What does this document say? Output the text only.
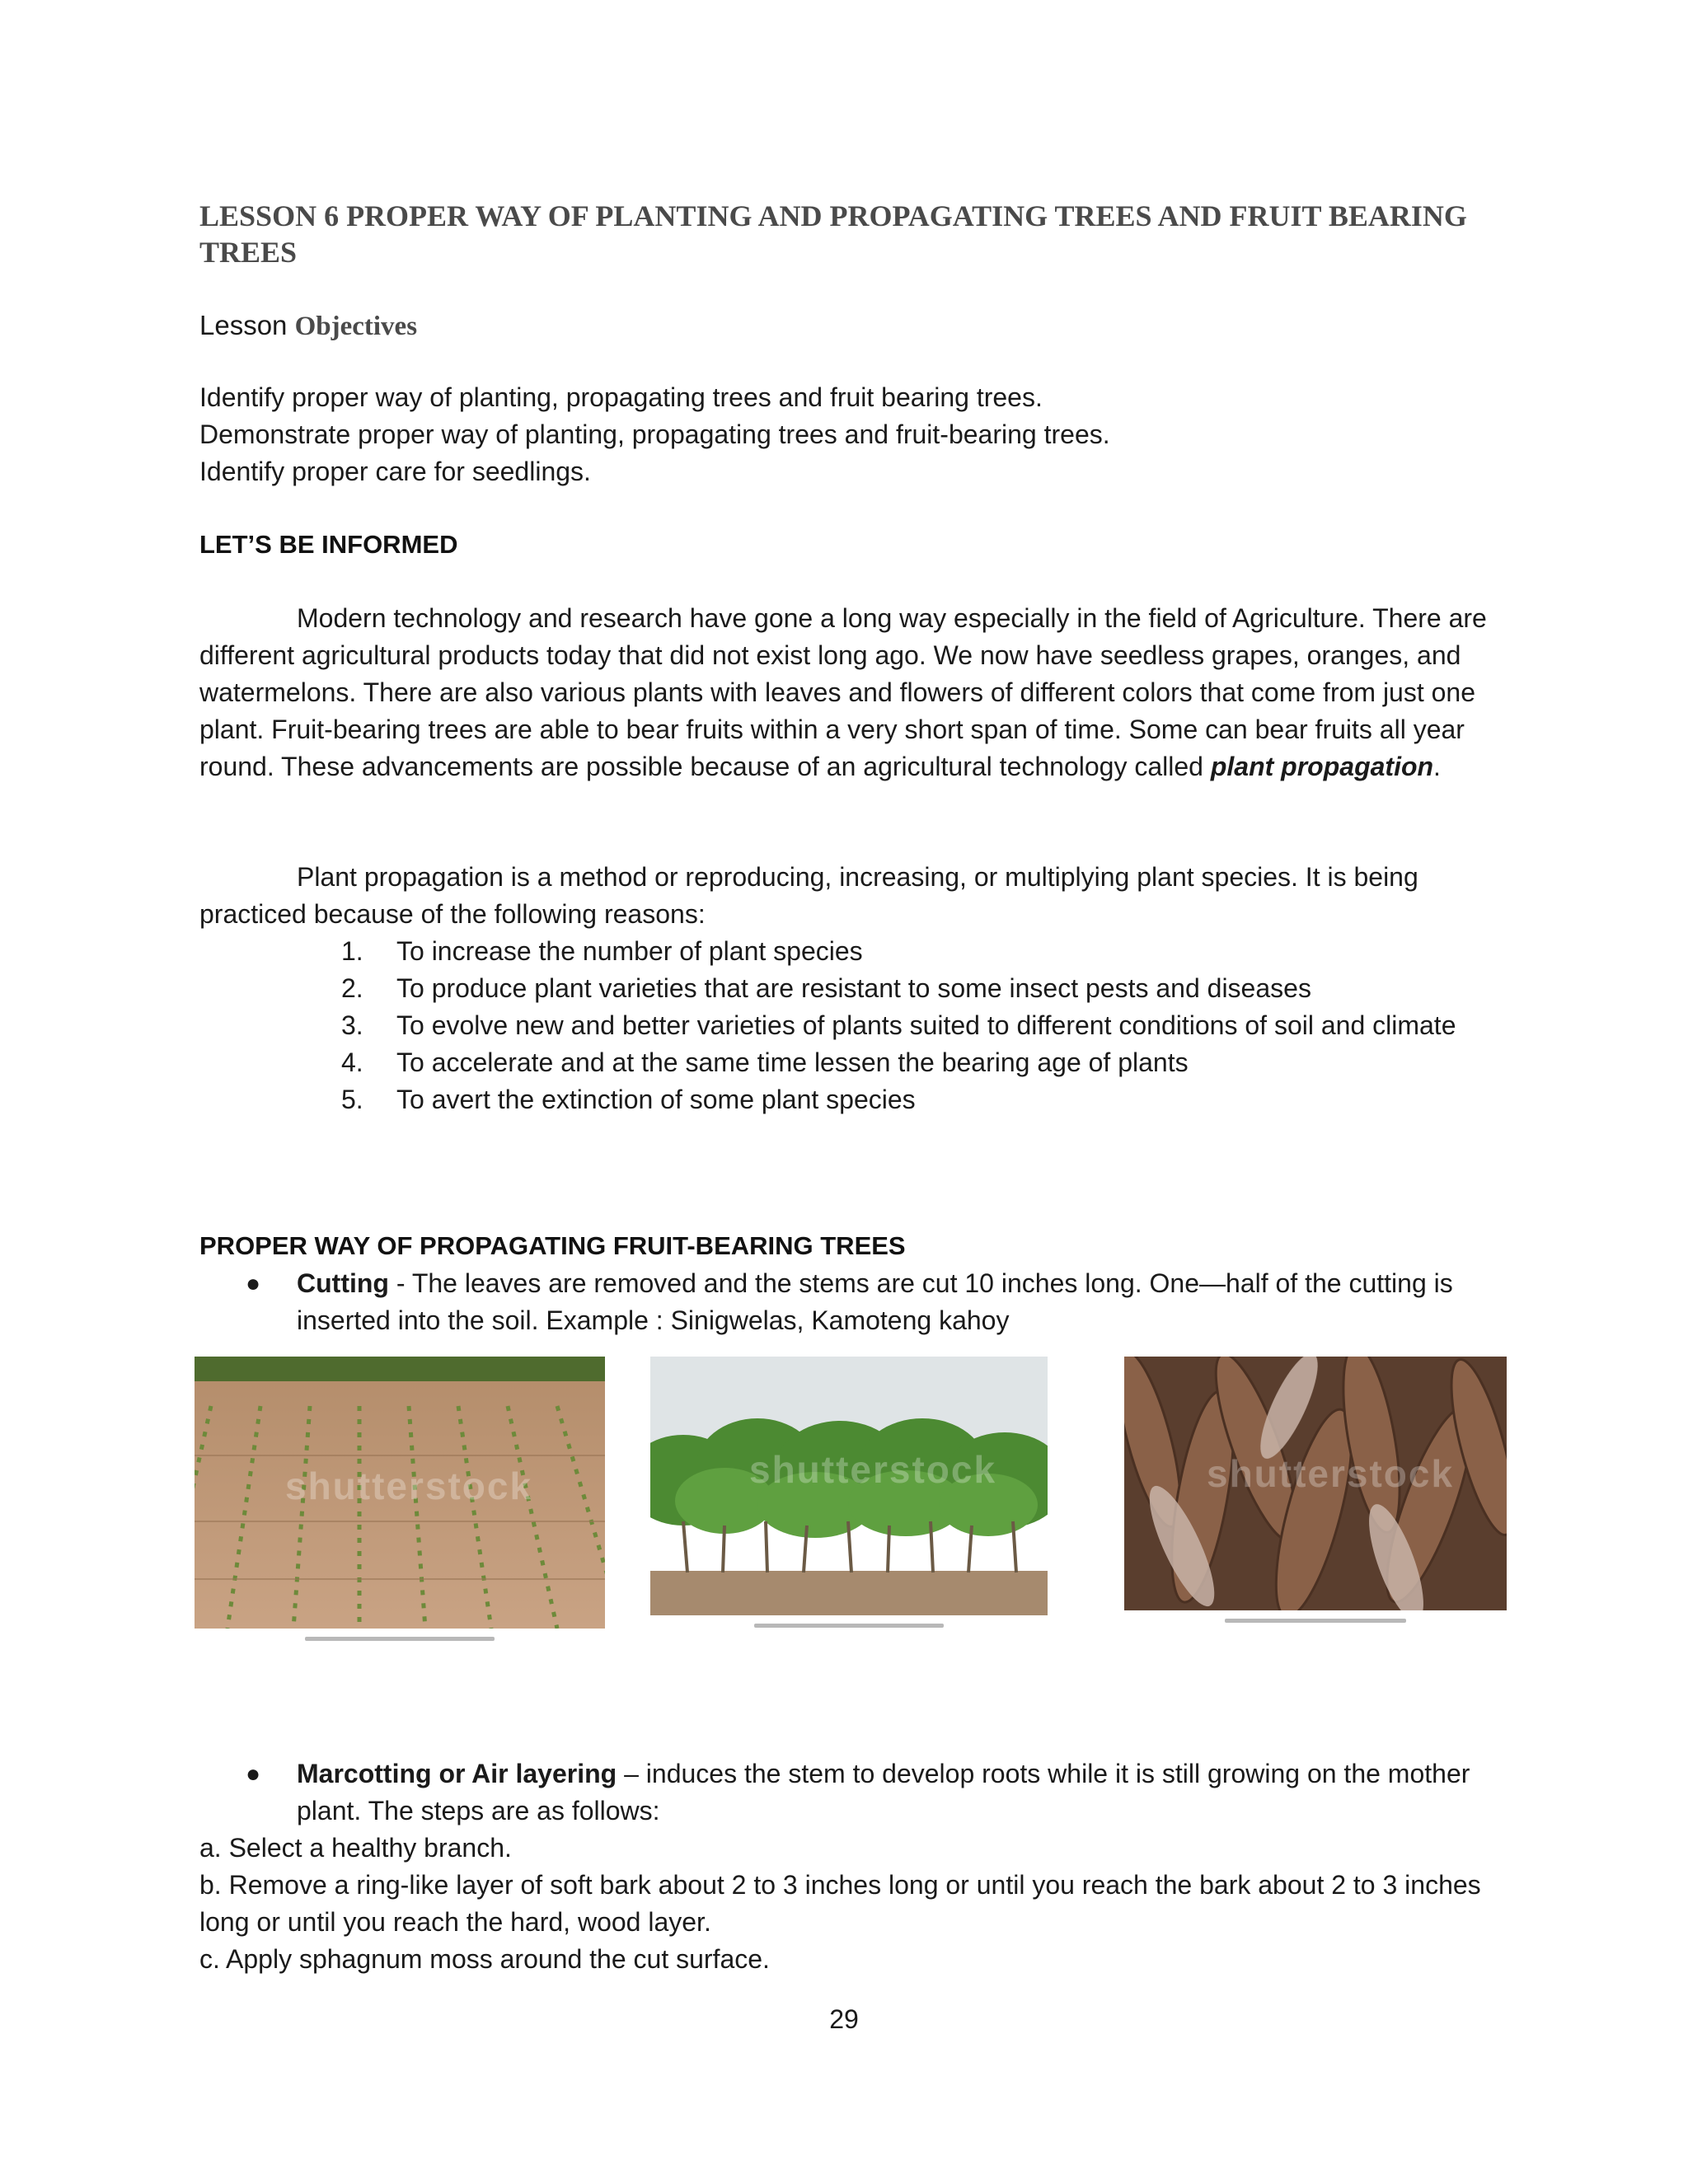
LESSON 6 PROPER WAY OF PLANTING AND PROPAGATING TREES AND FRUIT BEARING TREES
Lesson Objectives
Identify proper way of planting, propagating trees and fruit bearing trees.
Demonstrate proper way of planting, propagating trees and fruit-bearing trees.
Identify proper care for seedlings.
LET’S BE INFORMED

Modern technology and research have gone a long way especially in the field of Agriculture. There are different agricultural products today that did not exist long ago. We now have seedless grapes, oranges, and watermelons. There are also various plants with leaves and flowers of different colors that come from just one plant. Fruit-bearing trees are able to bear fruits within a very short span of time. Some can bear fruits all year round. These advancements are possible because of an agricultural technology called plant propagation.

Plant propagation is a method or reproducing, increasing, or multiplying plant species. It is being practiced because of the following reasons:

1. To increase the number of plant species
2. To produce plant varieties that are resistant to some insect pests and diseases
3. To evolve new and better varieties of plants suited to different conditions of soil and climate
4. To accelerate and at the same time lessen the bearing age of plants
5. To avert the extinction of some plant species
PROPER WAY OF PROPAGATING FRUIT-BEARING TREES
●	Cutting - The leaves are removed and the stems are cut 10 inches long. One—half of the cutting is inserted into the soil. Example : Sinigwelas, Kamoteng kahoy
shutterstock	shutterstock	shutterstock
●	Marcotting or Air layering – induces the stem to develop roots while it is still growing on the mother plant. The steps are as follows:
a. Select a healthy branch.
b. Remove a ring-like layer of soft bark about 2 to 3 inches long or until you reach the bark about 2 to 3 inches long or until you reach the hard, wood layer.
c. Apply sphagnum moss around the cut surface.
29
